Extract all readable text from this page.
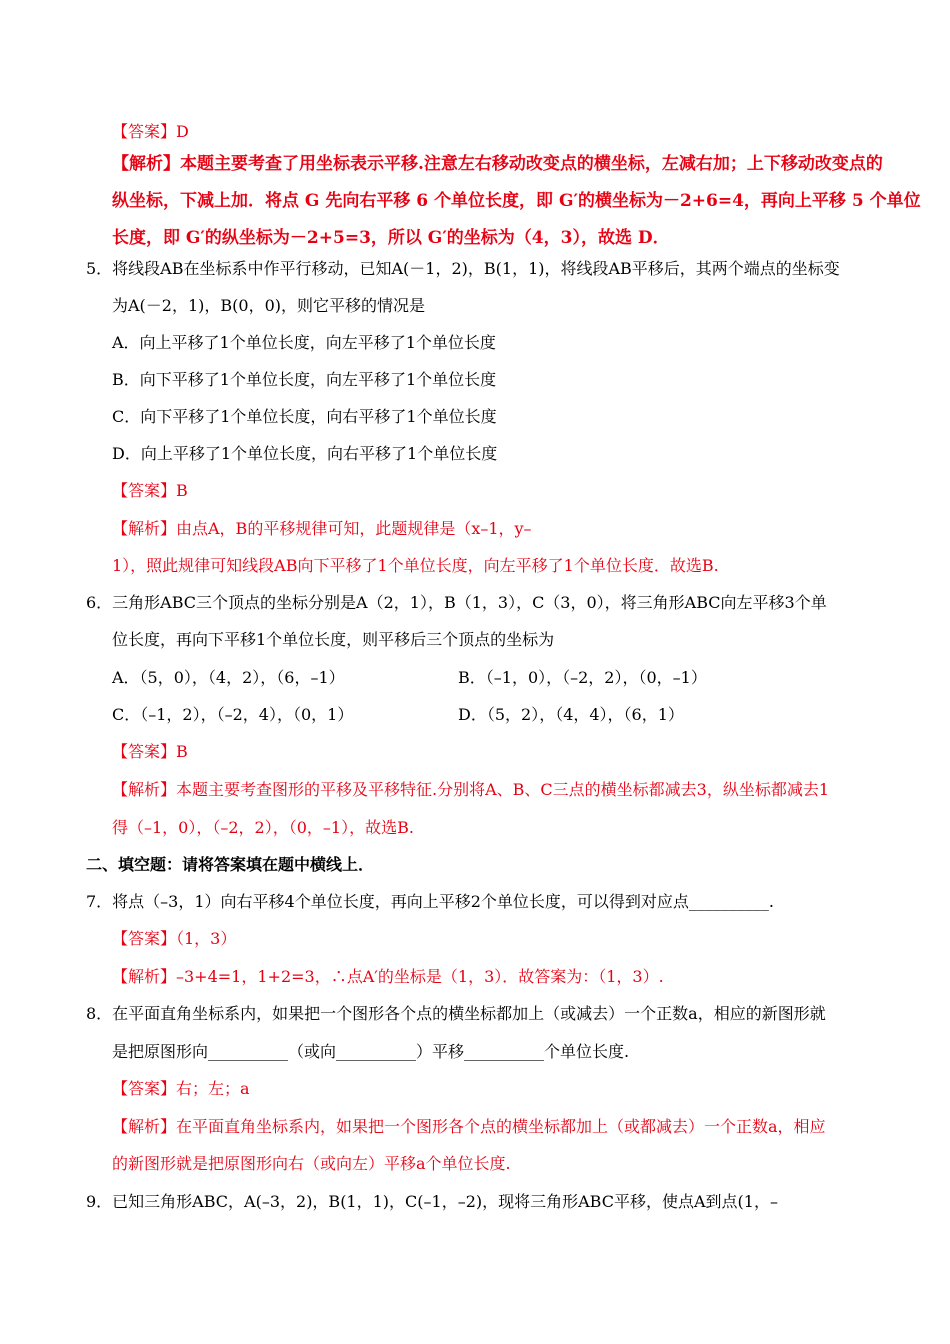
【答案】D
【解析】本题主要考查了用坐标表示平移.注意左右移动改变点的横坐标，左减右加；上下移动改变点的
纵坐标，下减上加．将点 G 先向右平移 6 个单位长度，即 G′的横坐标为－2+6=4，再向上平移 5 个单位
长度，即 G′的纵坐标为－2+5=3，所以 G′的坐标为（4，3），故选 D．
5．将线段AB在坐标系中作平行移动，已知A(－1，2)，B(1，1)，将线段AB平移后，其两个端点的坐标变
为A(－2，1)，B(0，0)，则它平移的情况是
A．向上平移了1个单位长度，向左平移了1个单位长度
B．向下平移了1个单位长度，向左平移了1个单位长度
C．向下平移了1个单位长度，向右平移了1个单位长度
D．向上平移了1个单位长度，向右平移了1个单位长度
【答案】B
【解析】由点A，B的平移规律可知，此题规律是（x–1，y–
1），照此规律可知线段AB向下平移了1个单位长度，向左平移了1个单位长度．故选B.
6．三角形ABC三个顶点的坐标分别是A（2，1），B（1，3），C（3，0），将三角形ABC向左平移3个单
位长度，再向下平移1个单位长度，则平移后三个顶点的坐标为
A．（5，0），（4，2），（6，–1）	B．（–1，0），（–2，2），（0，–1）
C．（–1，2），（–2，4），（0，1）	D．（5，2），（4，4），（6，1）
【答案】B
【解析】本题主要考查图形的平移及平移特征.分别将A、B、C三点的横坐标都减去3，纵坐标都减去1
得（–1，0），（–2，2），（0，–1），故选B.
二、填空题：请将答案填在题中横线上．
7．将点（–3，1）向右平移4个单位长度，再向上平移2个单位长度，可以得到对应点__________.
【答案】（1，3）
【解析】–3+4=1，1+2=3，∴点A′的坐标是（1，3）．故答案为：（1，3）.
8．在平面直角坐标系内，如果把一个图形各个点的横坐标都加上（或减去）一个正数a，相应的新图形就
是把原图形向__________（或向__________）平移__________个单位长度.
【答案】右；左；a
【解析】在平面直角坐标系内，如果把一个图形各个点的横坐标都加上（或都减去）一个正数a，相应
的新图形就是把原图形向右（或向左）平移a个单位长度.
9．已知三角形ABC，A(–3，2)，B(1，1)，C(–1，–2)，现将三角形ABC平移，使点A到点(1，–
